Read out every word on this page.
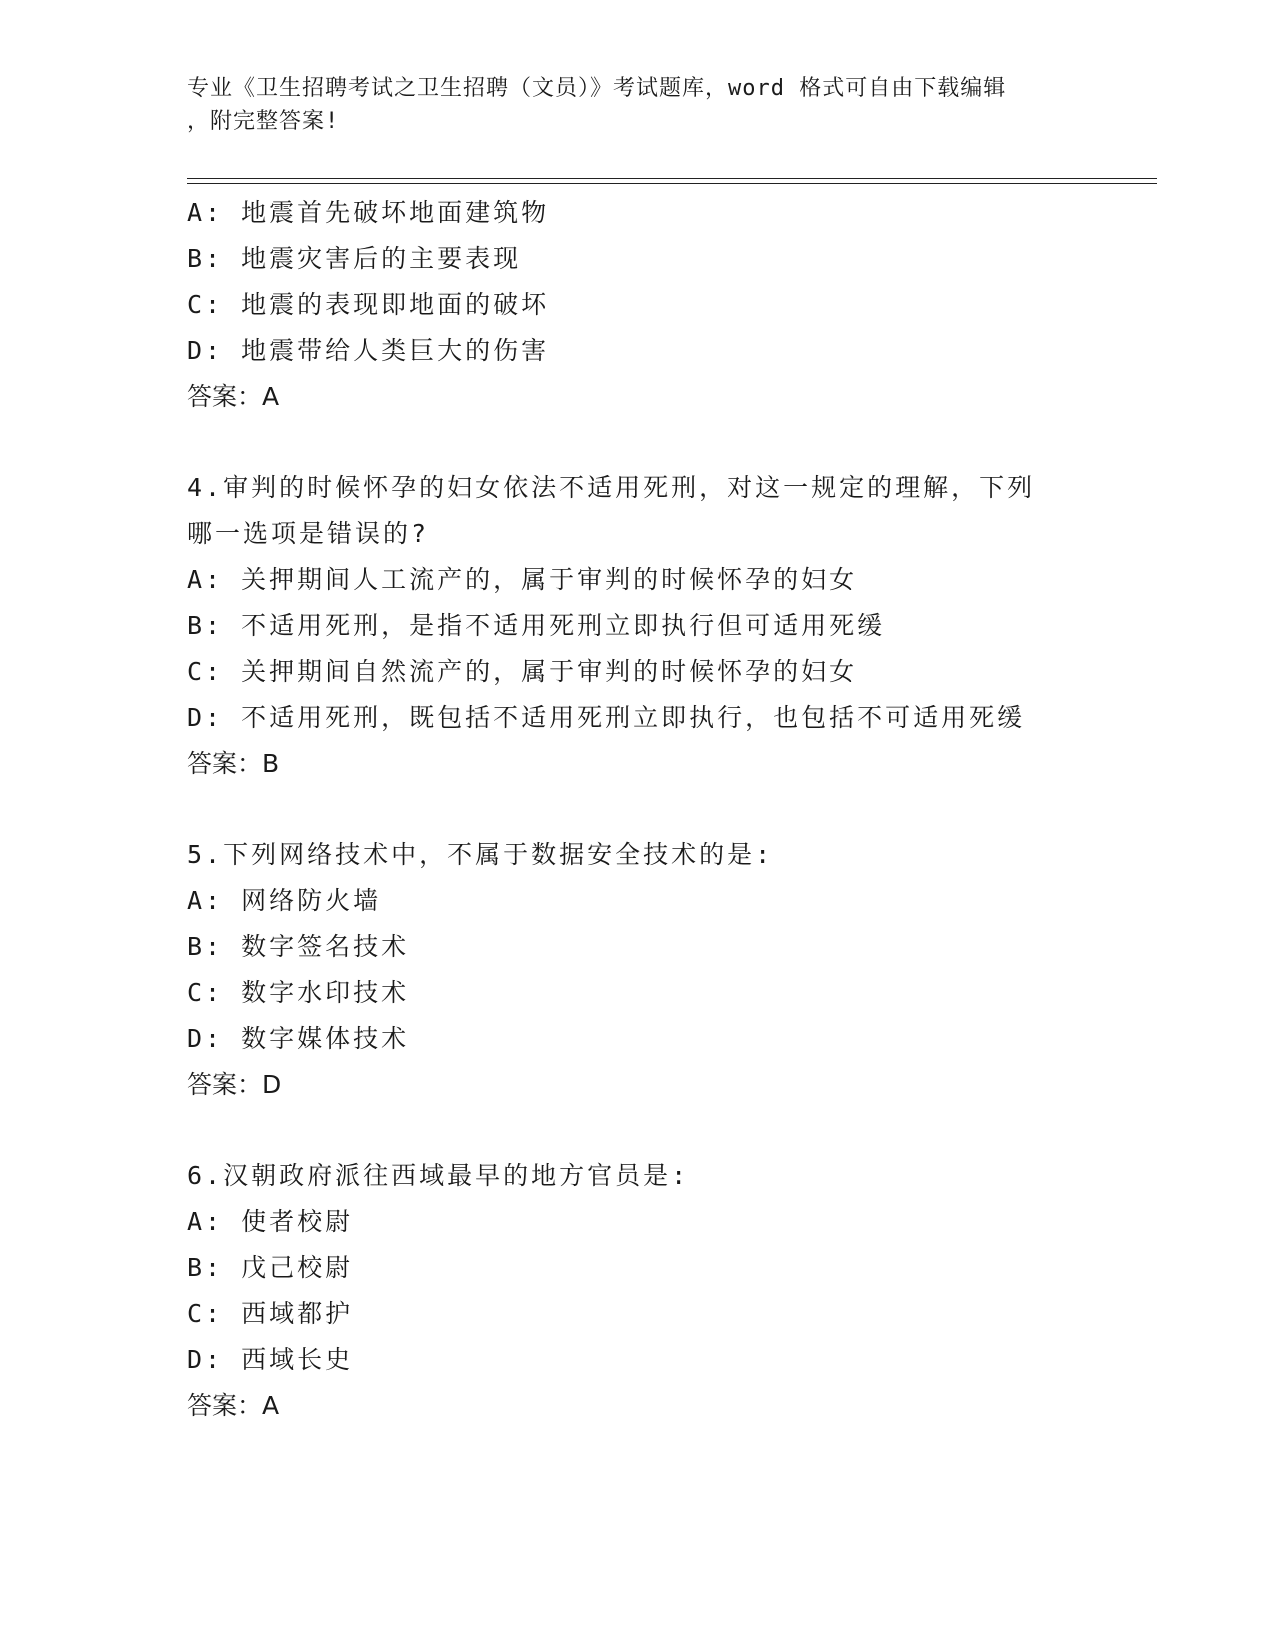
专业《卫生招聘考试之卫生招聘（文员）》考试题库，word 格式可自由下载编辑
，附完整答案!
A: 地震首先破坏地面建筑物
B: 地震灾害后的主要表现
C: 地震的表现即地面的破坏
D: 地震带给人类巨大的伤害
答案：A
4.审判的时候怀孕的妇女依法不适用死刑，对这一规定的理解，下列
哪一选项是错误的?
A: 关押期间人工流产的，属于审判的时候怀孕的妇女
B: 不适用死刑，是指不适用死刑立即执行但可适用死缓
C: 关押期间自然流产的，属于审判的时候怀孕的妇女
D: 不适用死刑，既包括不适用死刑立即执行，也包括不可适用死缓
答案：B
5.下列网络技术中，不属于数据安全技术的是:
A: 网络防火墙
B: 数字签名技术
C: 数字水印技术
D: 数字媒体技术
答案：D
6.汉朝政府派往西域最早的地方官员是:
A: 使者校尉
B: 戊己校尉
C: 西域都护
D: 西域长史
答案：A
